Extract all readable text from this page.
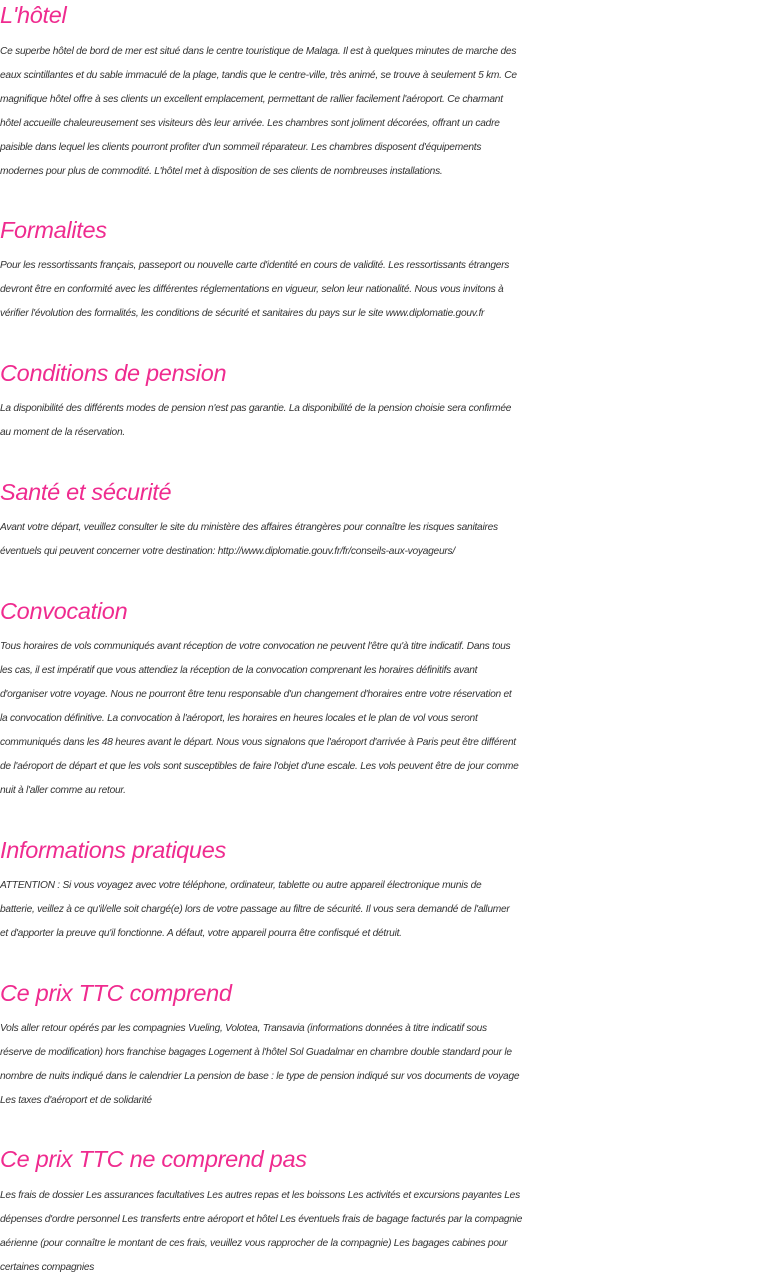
L'hôtel
Ce superbe hôtel de bord de mer est situé dans le centre touristique de Malaga. Il est à quelques minutes de marche des
eaux scintillantes et du sable immaculé de la plage, tandis que le centre-ville, très animé, se trouve à seulement 5 km. Ce
magnifique hôtel offre à ses clients un excellent emplacement, permettant de rallier facilement l'aéroport. Ce charmant
hôtel accueille chaleureusement ses visiteurs dès leur arrivée. Les chambres sont joliment décorées, offrant un cadre
paisible dans lequel les clients pourront profiter d'un sommeil réparateur. Les chambres disposent d'équipements
modernes pour plus de commodité. L'hôtel met à disposition de ses clients de nombreuses installations.
Formalites
Pour les ressortissants français, passeport ou nouvelle carte d'identité en cours de validité. Les ressortissants étrangers
devront être en conformité avec les différentes réglementations en vigueur, selon leur nationalité. Nous vous invitons à
vérifier l'évolution des formalités, les conditions de sécurité et sanitaires du pays sur le site www.diplomatie.gouv.fr
Conditions de pension
La disponibilité des différents modes de pension n'est pas garantie. La disponibilité de la pension choisie sera confirmée
au moment de la réservation.
Santé et sécurité
Avant votre départ, veuillez consulter le site du ministère des affaires étrangères pour connaître les risques sanitaires
éventuels qui peuvent concerner votre destination: http://www.diplomatie.gouv.fr/fr/conseils-aux-voyageurs/
Convocation
Tous horaires de vols communiqués avant réception de votre convocation ne peuvent l'être qu'à titre indicatif. Dans tous
les cas, il est impératif que vous attendiez la réception de la convocation comprenant les horaires définitifs avant
d'organiser votre voyage. Nous ne pourront être tenu responsable d'un changement d'horaires entre votre réservation et
la convocation définitive. La convocation à l'aéroport, les horaires en heures locales et le plan de vol vous seront
communiqués dans les 48 heures avant le départ. Nous vous signalons que l'aéroport d'arrivée à Paris peut être différent
de l'aéroport de départ et que les vols sont susceptibles de faire l'objet d'une escale. Les vols peuvent être de jour comme
nuit à l'aller comme au retour.
Informations pratiques
ATTENTION : Si vous voyagez avec votre téléphone, ordinateur, tablette ou autre appareil électronique munis de
batterie, veillez à ce qu'il/elle soit chargé(e) lors de votre passage au filtre de sécurité. Il vous sera demandé de l'allumer
et d'apporter la preuve qu'il fonctionne. A défaut, votre appareil pourra être confisqué et détruit.
Ce prix TTC comprend
Vols aller retour opérés par les compagnies Vueling, Volotea, Transavia (informations données à titre indicatif sous
réserve de modification) hors franchise bagages Logement à l'hôtel Sol Guadalmar en chambre double standard pour le
nombre de nuits indiqué dans le calendrier La pension de base : le type de pension indiqué sur vos documents de voyage
Les taxes d'aéroport et de solidarité
Ce prix TTC ne comprend pas
Les frais de dossier Les assurances facultatives Les autres repas et les boissons Les activités et excursions payantes Les
dépenses d'ordre personnel Les transferts entre aéroport et hôtel Les éventuels frais de bagage facturés par la compagnie
aérienne (pour connaître le montant de ces frais, veuillez vous rapprocher de la compagnie) Les bagages cabines pour
certaines compagnies
